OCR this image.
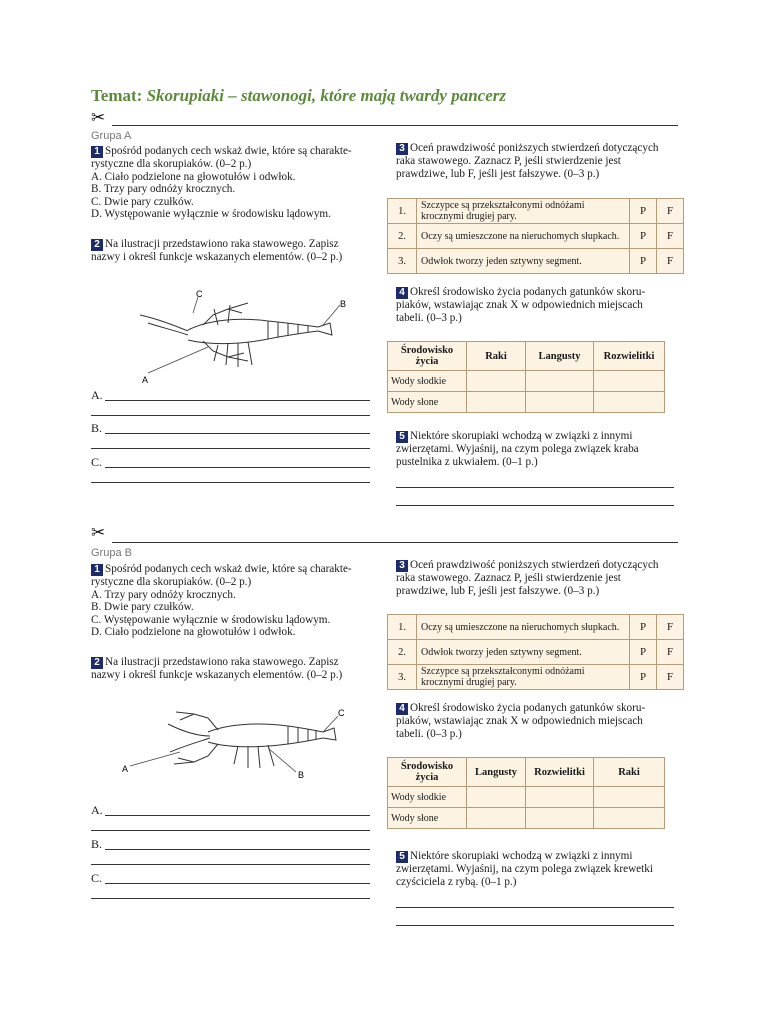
Temat: Skorupiaki – stawonogi, które mają twardy pancerz
✂
Grupa A
1 Spośród podanych cech wskaż dwie, które są charakte-
rystyczne dla skorupiaków. (0–2 p.)
A. Ciało podzielone na głowotułów i odwłok.
B. Trzy pary odnóży krocznych.
C. Dwie pary czułków.
D. Występowanie wyłącznie w środowisku lądowym.
2 Na ilustracji przedstawiono raka stawowego. Zapisz
nazwy i określ funkcje wskazanych elementów. (0–2 p.)
C
B
A
A.
B.
C.
3 Oceń prawdziwość poniższych stwierdzeń dotyczących
raka stawowego. Zaznacz P, jeśli stwierdzenie jest
prawdziwe, lub F, jeśli jest fałszywe. (0–3 p.)
1.	Szczypce są przekształconymi odnóżami krocznymi drugiej pary.	P	F
2.	Oczy są umieszczone na nieruchomych słupkach.	P	F
3.	Odwłok tworzy jeden sztywny segment.	P	F
4 Określ środowisko życia podanych gatunków skoru-
piaków, wstawiając znak X w odpowiednich miejscach
tabeli. (0–3 p.)
Środowisko życia	Raki	Langusty	Rozwielitki
Wody słodkie			
Wody słone			
5 Niektóre skorupiaki wchodzą w związki z innymi
zwierzętami. Wyjaśnij, na czym polega związek kraba
pustelnika z ukwiałem. (0–1 p.)
✂
Grupa B
1 Spośród podanych cech wskaż dwie, które są charakte-
rystyczne dla skorupiaków. (0–2 p.)
A. Trzy pary odnóży krocznych.
B. Dwie pary czułków.
C. Występowanie wyłącznie w środowisku lądowym.
D. Ciało podzielone na głowotułów i odwłok.
2 Na ilustracji przedstawiono raka stawowego. Zapisz
nazwy i określ funkcje wskazanych elementów. (0–2 p.)
C
B
A
A.
B.
C.
3 Oceń prawdziwość poniższych stwierdzeń dotyczących
raka stawowego. Zaznacz P, jeśli stwierdzenie jest
prawdziwe, lub F, jeśli jest fałszywe. (0–3 p.)
1.	Oczy są umieszczone na nieruchomych słupkach.	P	F
2.	Odwłok tworzy jeden sztywny segment.	P	F
3.	Szczypce są przekształconymi odnóżami krocznymi drugiej pary.	P	F
4 Określ środowisko życia podanych gatunków skoru-
piaków, wstawiając znak X w odpowiednich miejscach
tabeli. (0–3 p.)
Środowisko życia	Langusty	Rozwielitki	Raki
Wody słodkie			
Wody słone			
5 Niektóre skorupiaki wchodzą w związki z innymi
zwierzętami. Wyjaśnij, na czym polega związek krewetki
czyściciela z rybą. (0–1 p.)
